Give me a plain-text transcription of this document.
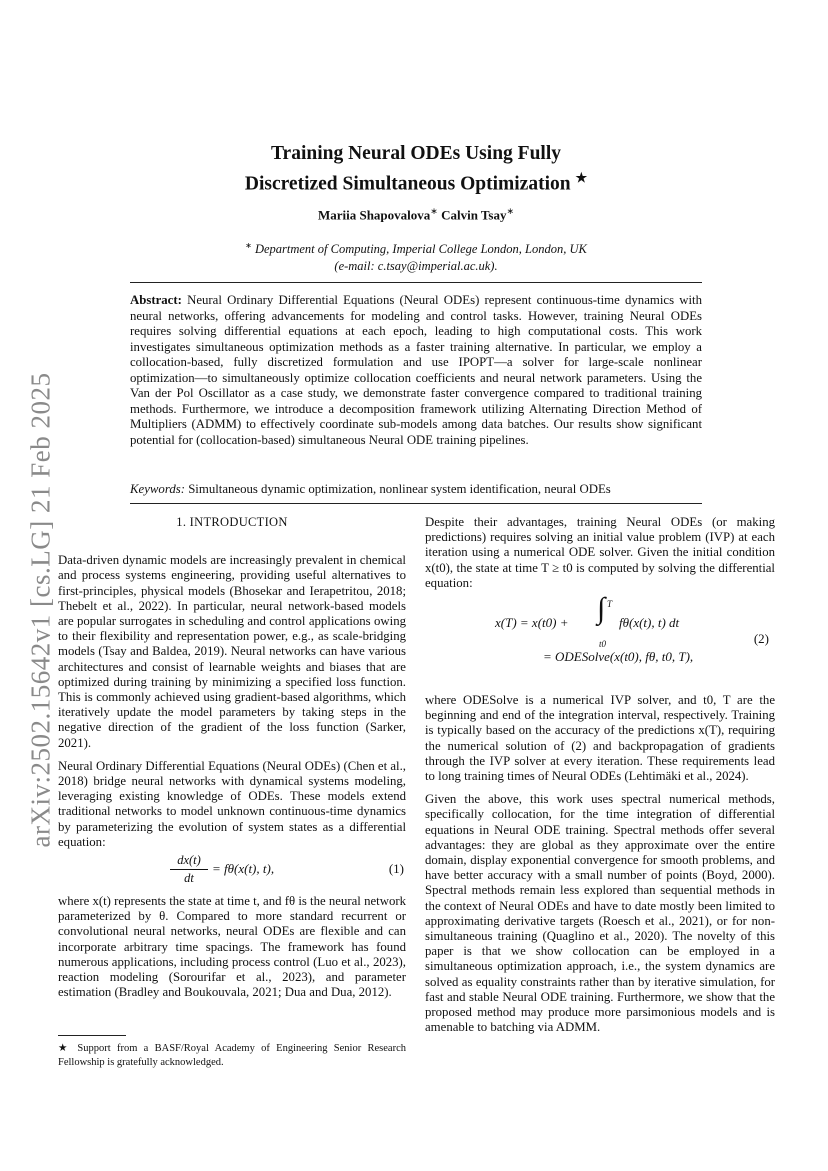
arXiv:2502.15642v1 [cs.LG] 21 Feb 2025
Training Neural ODEs Using Fully
Discretized Simultaneous Optimization ★
Mariia Shapovalova∗ Calvin Tsay∗
∗ Department of Computing, Imperial College London, London, UK
(e-mail: c.tsay@imperial.ac.uk).
Abstract: Neural Ordinary Differential Equations (Neural ODEs) represent continuous-time dynamics with neural networks, offering advancements for modeling and control tasks. However, training Neural ODEs requires solving differential equations at each epoch, leading to high computational costs. This work investigates simultaneous optimization methods as a faster training alternative. In particular, we employ a collocation-based, fully discretized formulation and use IPOPT—a solver for large-scale nonlinear optimization—to simultaneously optimize collocation coefficients and neural network parameters. Using the Van der Pol Oscillator as a case study, we demonstrate faster convergence compared to traditional training methods. Furthermore, we introduce a decomposition framework utilizing Alternating Direction Method of Multipliers (ADMM) to effectively coordinate sub-models among data batches. Our results show significant potential for (collocation-based) simultaneous Neural ODE training pipelines.
Keywords: Simultaneous dynamic optimization, nonlinear system identification, neural ODEs
1. INTRODUCTION

Data-driven dynamic models are increasingly prevalent in chemical and process systems engineering, providing useful alternatives to first-principles, physical models (Bhosekar and Ierapetritou, 2018; Thebelt et al., 2022). In particular, neural network-based models are popular surrogates in scheduling and control applications owing to their flexibility and representation power, e.g., as scale-bridging models (Tsay and Baldea, 2019). Neural networks can have various architectures and consist of learnable weights and biases that are optimized during training by minimizing a specified loss function. This is commonly achieved using gradient-based algorithms, which iteratively update the model parameters by taking steps in the negative direction of the gradient of the loss function (Sarker, 2021).

Neural Ordinary Differential Equations (Neural ODEs) (Chen et al., 2018) bridge neural networks with dynamical systems modeling, leveraging existing knowledge of ODEs. These models extend traditional networks to model unknown continuous-time dynamics by parameterizing the evolution of system states as a differential equation:

$\frac{dx(t)}{dt} = f\theta(x(t)$, t),	(1)

where x(t) represents the state at time t, and fθ is the neural network parameterized by θ. Compared to more standard recurrent or convolutional neural networks, neural ODEs are flexible and can incorporate arbitrary time spacings. The framework has found numerous applications, including process control (Luo et al., 2023), reaction modeling (Sorourifar et al., 2023), and parameter estimation (Bradley and Boukouvala, 2021; Dua and Dua, 2012).

★ Support from a BASF/Royal Academy of Engineering Senior Research Fellowship is gratefully acknowledged.

Despite their advantages, training Neural ODEs (or making predictions) requires solving an initial value problem (IVP) at each iteration using a numerical ODE solver. Given the initial condition x(t0), the state at time T ≥ t0 is computed by solving the differential equation:

x(T) = x(t0) + ∫ T
t0
fθ(x(t), t) dt
= ODESolve(x(t0), fθ, t0, T),
(2)

where ODESolve is a numerical IVP solver, and t0, T are the beginning and end of the integration interval, respectively. Training is typically based on the accuracy of the predictions x(T), requiring the numerical solution of (2) and backpropagation of gradients through the IVP solver at every iteration. These requirements lead to long training times of Neural ODEs (Lehtimäki et al., 2024).

Given the above, this work uses spectral numerical methods, specifically collocation, for the time integration of differential equations in Neural ODE training. Spectral methods offer several advantages: they are global as they approximate over the entire domain, display exponential convergence for smooth problems, and have better accuracy with a small number of points (Boyd, 2000). Spectral methods remain less explored than sequential methods in the context of Neural ODEs and have to date mostly been limited to approximating derivative targets (Roesch et al., 2021), or for non-simultaneous training (Quaglino et al., 2020). The novelty of this paper is that we show collocation can be employed in a simultaneous optimization approach, i.e., the system dynamics are solved as equality constraints rather than by iterative simulation, for fast and stable Neural ODE training. Furthermore, we show that the proposed method may produce more parsimonious models and is amenable to batching via ADMM.
